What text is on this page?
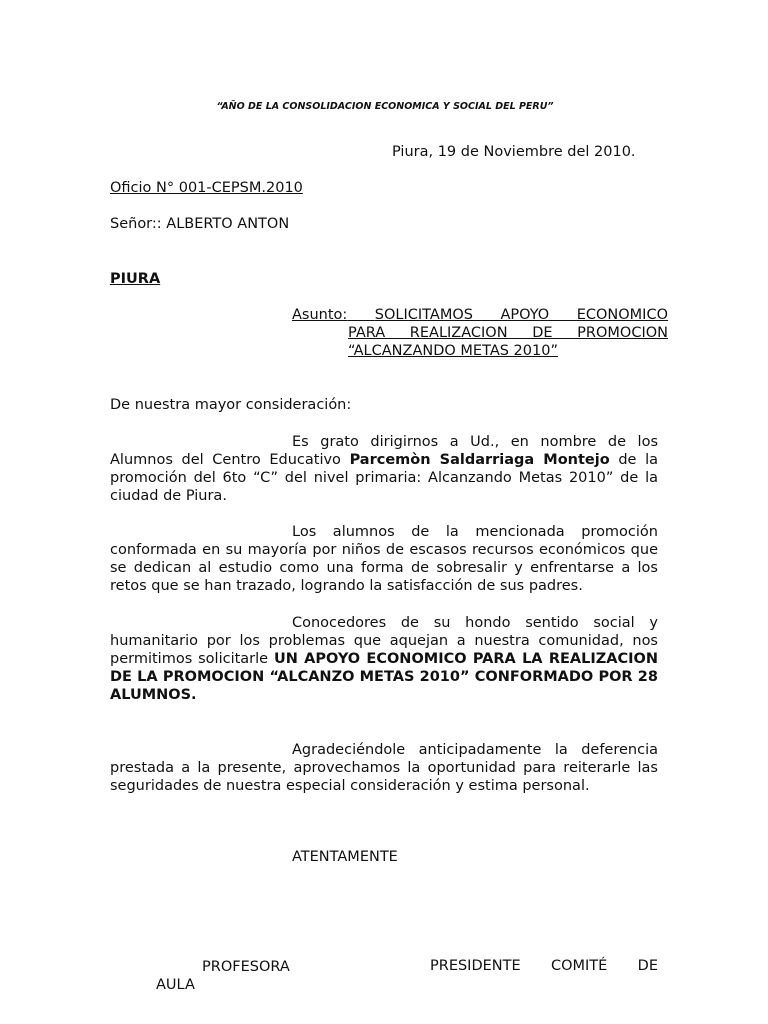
“AÑO DE LA CONSOLIDACION ECONOMICA Y SOCIAL DEL PERU”
Piura, 19 de Noviembre del 2010.
Oficio N° 001-CEPSM.2010
Señor:: ALBERTO ANTON
PIURA
Asunto: SOLICITAMOS APOYO ECONOMICO
PARA REALIZACION DE PROMOCION
“ALCANZANDO METAS 2010”
De nuestra mayor consideración:
Es grato dirigirnos a Ud., en nombre de los Alumnos del Centro Educativo Parcemòn Saldarriaga Montejo de la promoción del 6to “C” del nivel primaria: Alcanzando Metas 2010” de la ciudad de Piura.
Los alumnos de la mencionada promoción conformada en su mayoría por niños de escasos recursos económicos que se dedican al estudio como una forma de sobresalir y enfrentarse a los retos que se han trazado, logrando la satisfacción de sus padres.
Conocedores de su hondo sentido social y humanitario por los problemas que aquejan a nuestra comunidad, nos permitimos solicitarle UN APOYO ECONOMICO PARA LA REALIZACION DE LA PROMOCION “ALCANZO METAS 2010” CONFORMADO POR 28 ALUMNOS.
Agradeciéndole anticipadamente la deferencia prestada a la presente, aprovechamos la oportunidad para reiterarle las seguridades de nuestra especial consideración y estima personal.
ATENTAMENTE
PROFESORA
AULA
PRESIDENTE COMITÉ DE
